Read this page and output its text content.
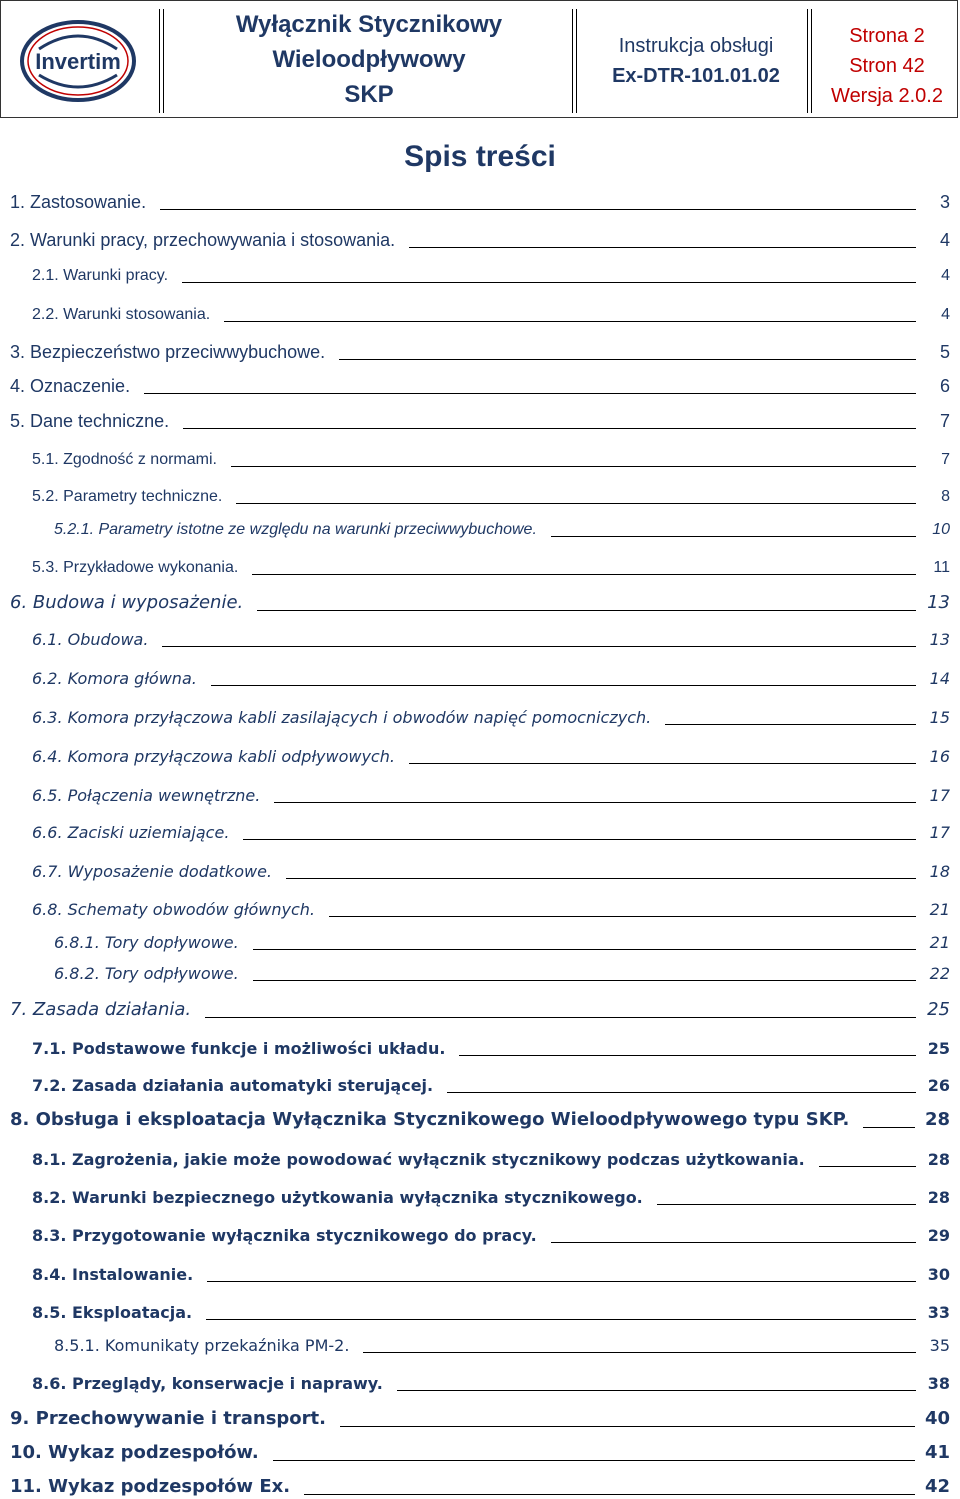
Invertim
Wyłącznik Stycznikowy
Wieloodpływowy
SKP
Instrukcja obsługi
Ex-DTR-101.01.02
Strona 2
Stron 42
Wersja 2.0.2
Spis treści
1. Zastosowanie.	3
2. Warunki pracy, przechowywania i stosowania.	4
2.1. Warunki pracy.	4
2.2. Warunki stosowania.	4
3. Bezpieczeństwo przeciwwybuchowe.	5
4. Oznaczenie.	6
5. Dane techniczne.	7
5.1. Zgodność z normami.	7
5.2. Parametry techniczne.	8
5.2.1. Parametry istotne ze względu na warunki przeciwwybuchowe.	10
5.3. Przykładowe wykonania.	11
6. Budowa i wyposażenie.	13
6.1. Obudowa.	13
6.2. Komora główna.	14
6.3. Komora przyłączowa kabli zasilających i obwodów napięć pomocniczych.	15
6.4. Komora przyłączowa kabli odpływowych.	16
6.5. Połączenia wewnętrzne.	17
6.6. Zaciski uziemiające.	17
6.7. Wyposażenie dodatkowe.	18
6.8. Schematy obwodów głównych.	21
6.8.1. Tory dopływowe.	21
6.8.2. Tory odpływowe.	22
7. Zasada działania.	25
7.1. Podstawowe funkcje i możliwości układu.	25
7.2. Zasada działania automatyki sterującej.	26
8. Obsługa i eksploatacja Wyłącznika Stycznikowego Wieloodpływowego typu SKP.	28
8.1. Zagrożenia, jakie może powodować wyłącznik stycznikowy podczas użytkowania.	28
8.2. Warunki bezpiecznego użytkowania wyłącznika stycznikowego.	28
8.3. Przygotowanie wyłącznika stycznikowego do pracy.	29
8.4. Instalowanie.	30
8.5. Eksploatacja.	33
8.5.1. Komunikaty przekaźnika PM-2.	35
8.6. Przeglądy, konserwacje i naprawy.	38
9. Przechowywanie i transport.	40
10. Wykaz podzespołów.	41
11. Wykaz podzespołów Ex.	42
